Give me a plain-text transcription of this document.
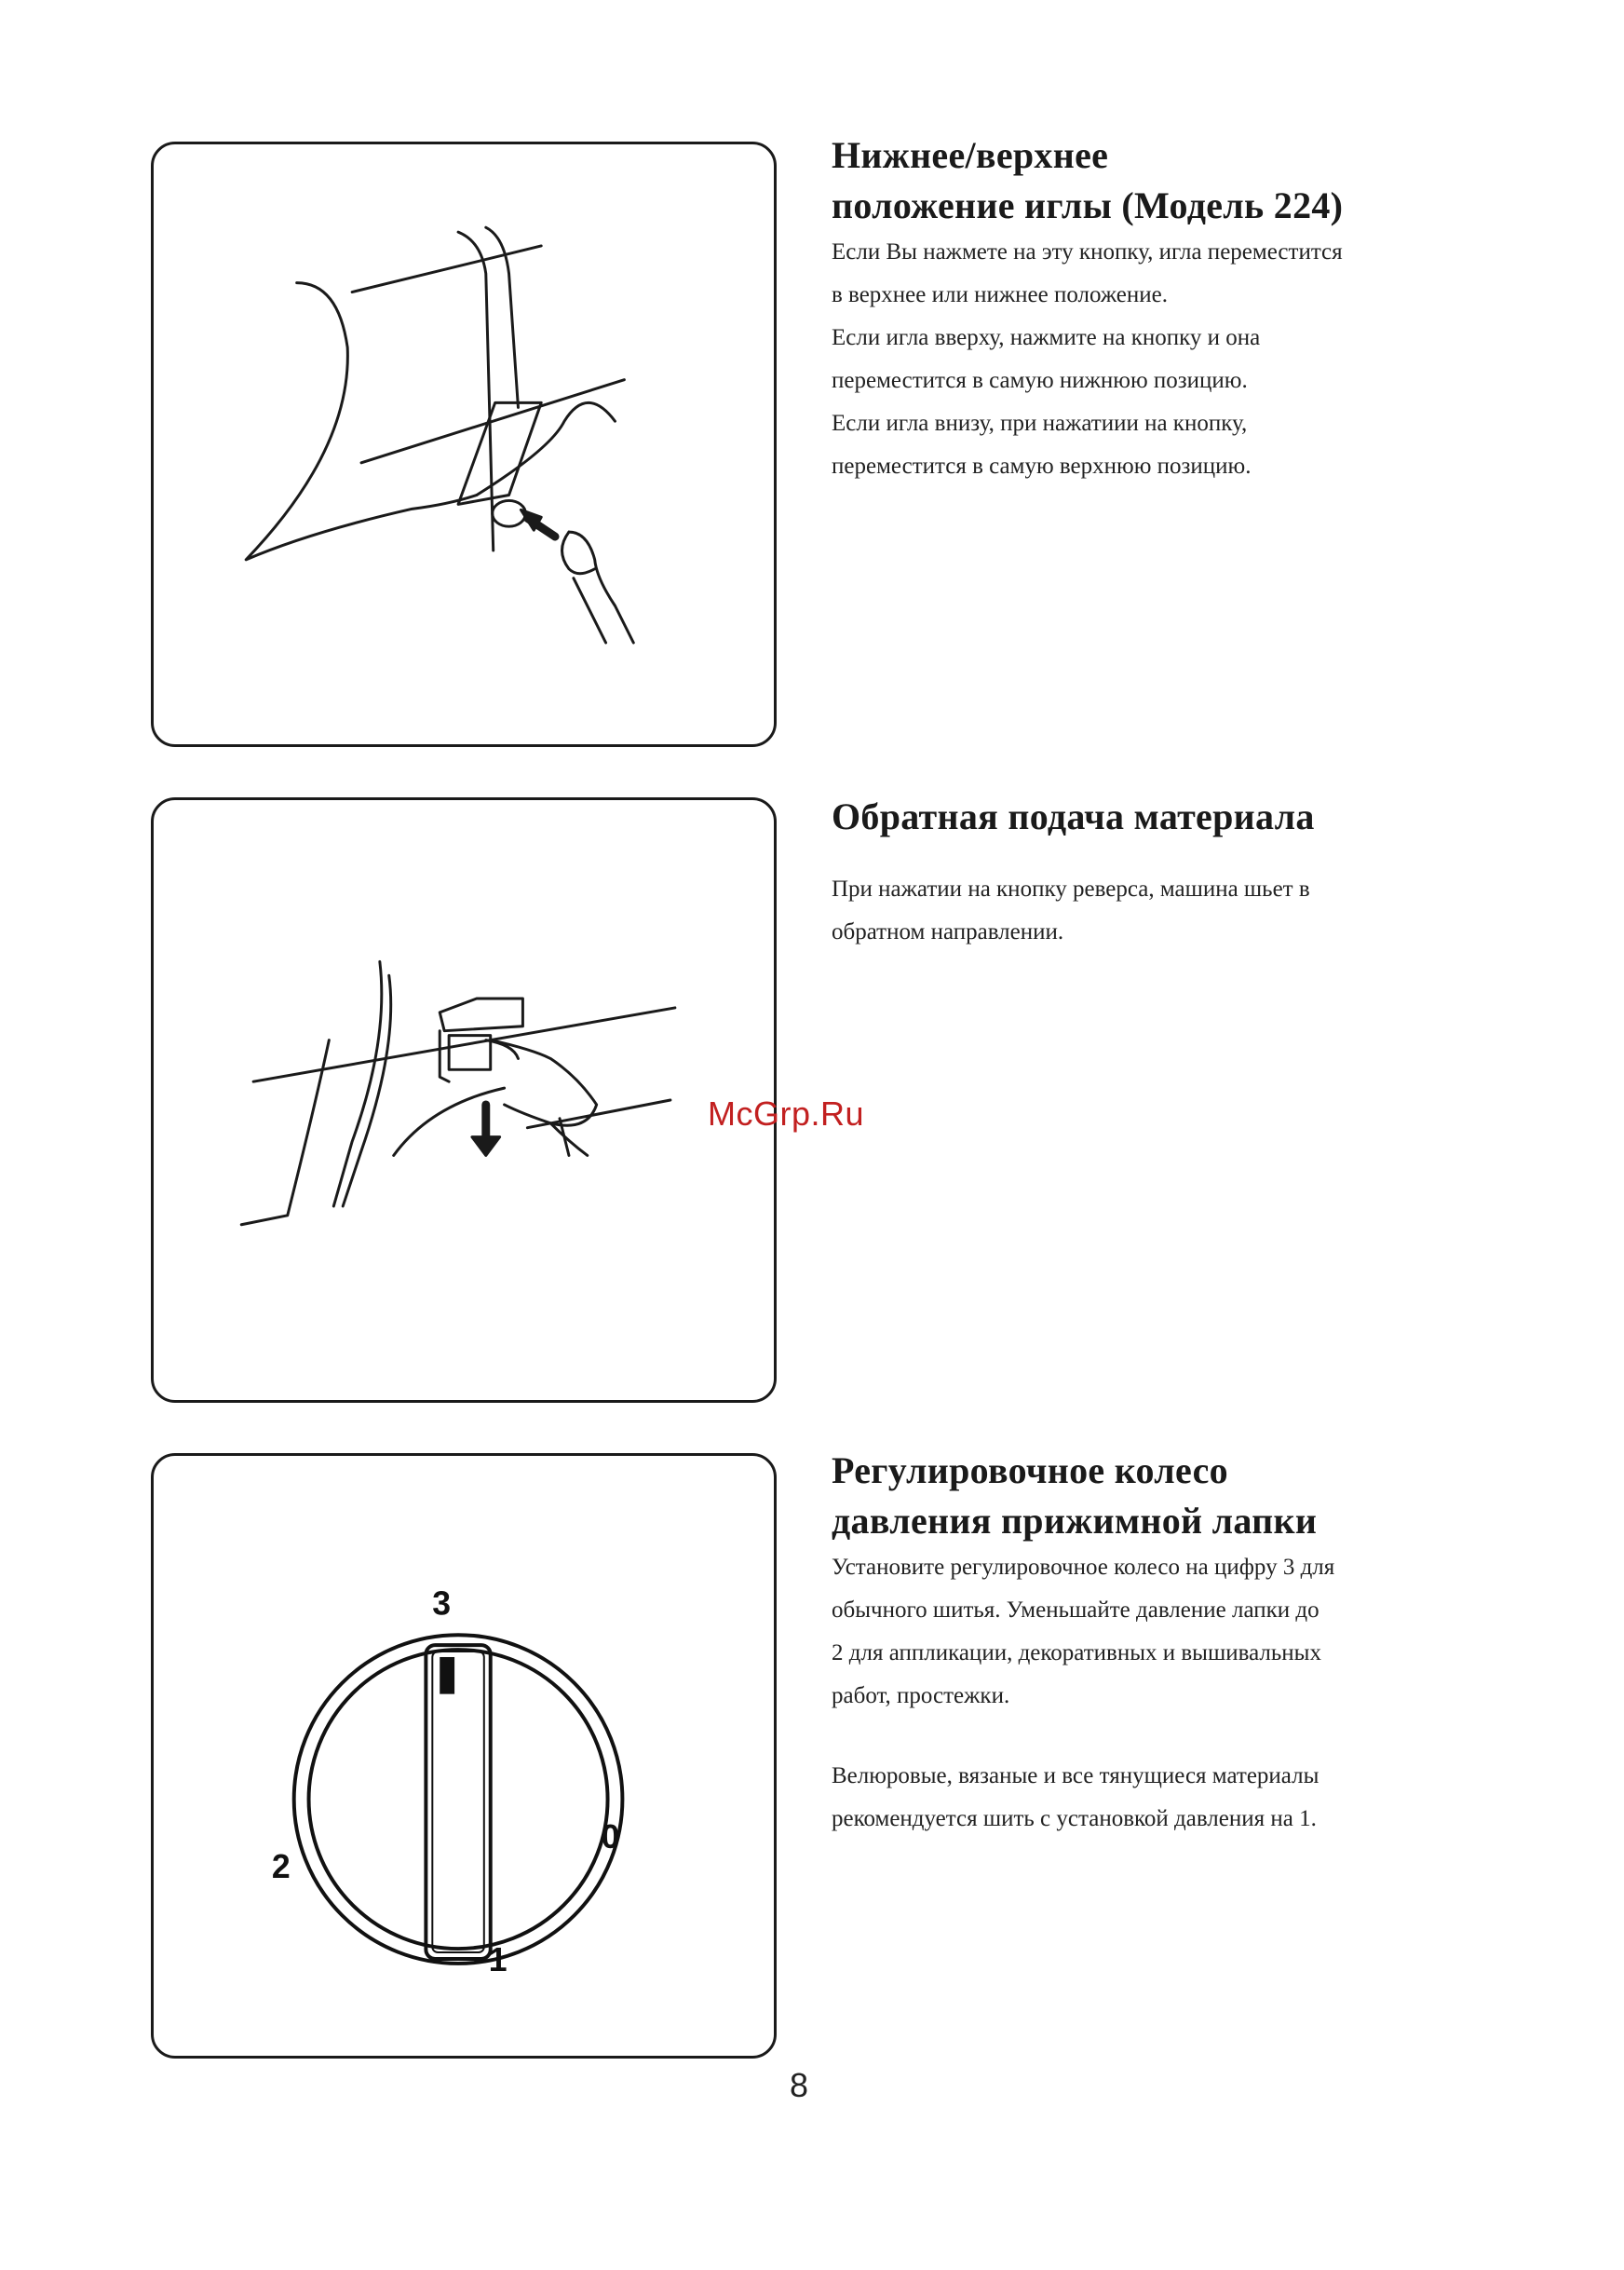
3
0
1
2
Нижнее/верхнее
положение иглы (Модель 224)

Если Вы нажмете на эту кнопку, игла переместится
в верхнее или нижнее положение.
Если игла вверху, нажмите на кнопку и она
переместится в самую нижнюю позицию.
Если игла внизу, при нажатиии на кнопку,
переместится в самую верхнюю позицию.

Обратная подача материала

При нажатии на кнопку реверса, машина шьет в
обратном направлении.

Регулировочное колесо
давления прижимной лапки

Установите регулировочное колесо на цифру 3 для
обычного шитья. Уменьшайте давление лапки до
2 для аппликации, декоративных и вышивальных
работ, простежки.

Велюровые, вязаные и все тянущиеся материалы
рекомендуется шить с установкой давления на 1.

McGrp.Ru
8
